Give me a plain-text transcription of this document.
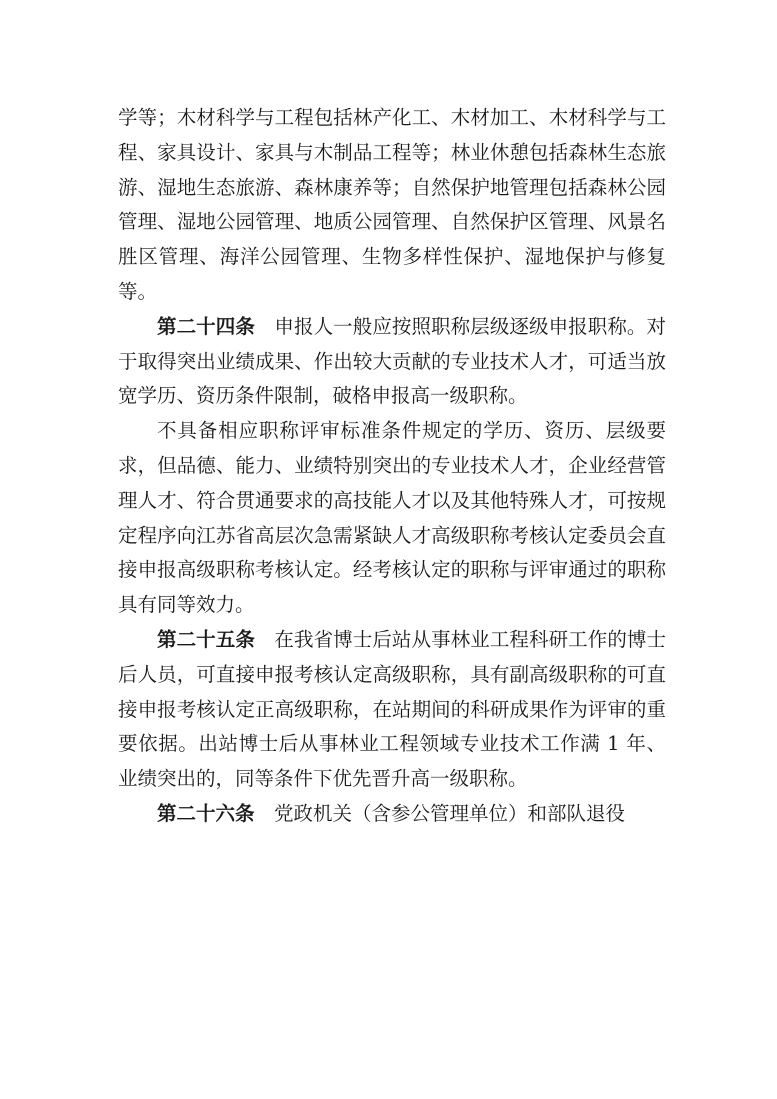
学等；木材科学与工程包括林产化工、木材加工、木材科学与工程、家具设计、家具与木制品工程等；林业休憩包括森林生态旅游、湿地生态旅游、森林康养等；自然保护地管理包括森林公园管理、湿地公园管理、地质公园管理、自然保护区管理、风景名胜区管理、海洋公园管理、生物多样性保护、湿地保护与修复等。

第二十四条 申报人一般应按照职称层级逐级申报职称。对于取得突出业绩成果、作出较大贡献的专业技术人才，可适当放宽学历、资历条件限制，破格申报高一级职称。

不具备相应职称评审标准条件规定的学历、资历、层级要求，但品德、能力、业绩特别突出的专业技术人才，企业经营管理人才、符合贯通要求的高技能人才以及其他特殊人才，可按规定程序向江苏省高层次急需紧缺人才高级职称考核认定委员会直接申报高级职称考核认定。经考核认定的职称与评审通过的职称具有同等效力。

第二十五条 在我省博士后站从事林业工程科研工作的博士后人员，可直接申报考核认定高级职称，具有副高级职称的可直接申报考核认定正高级职称，在站期间的科研成果作为评审的重要依据。出站博士后从事林业工程领域专业技术工作满 1 年、业绩突出的，同等条件下优先晋升高一级职称。

第二十六条 党政机关（含参公管理单位）和部队退役
